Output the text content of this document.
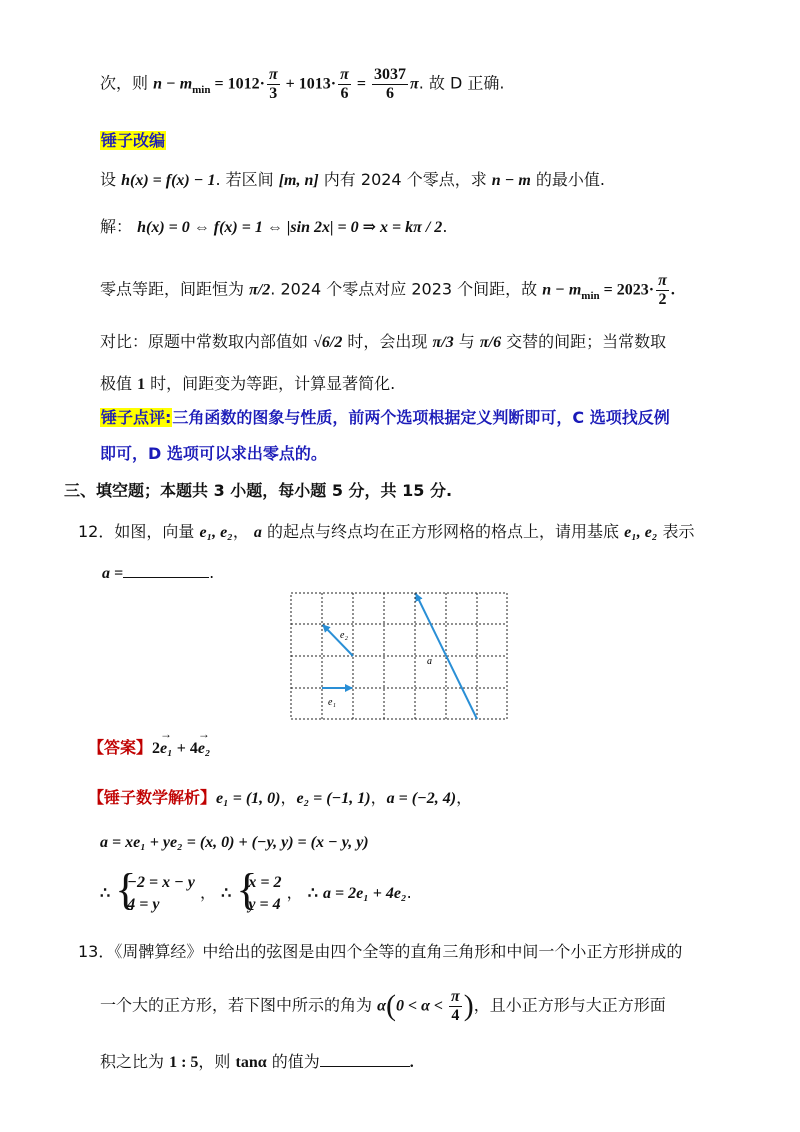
次，则 $n - m_{min} = 1012\cdot \frac{\pi}{3} + 1013\cdot \frac{\pi}{6} = \frac{3037}{6} \pi$. 故 D 正确.
锤子改编
设 h(x) = f(x) − 1. 若区间 [m, n] 内有 2024 个零点，求 n − m 的最小值.
解： h(x) = 0 ⇔ f(x) = 1 ⇔ |sin 2x| = 0 ⇒ x = kπ / 2.
零点等距，间距恒为 π/2. 2024 个零点对应 2023 个间距，故 $n - m_{min} = 2023\cdot \frac{\pi}{2}$ .
对比：原题中常数取内部值如 √6/2 时，会出现 π/3 与 π/6 交替的间距；当常数取
极值 1 时，间距变为等距，计算显著简化.
锤子点评:三角函数的图象与性质，前两个选项根据定义判断即可，C 选项找反例
即可，D 选项可以求出零点的。
三、填空题；本题共 3 小题，每小题 5 分，共 15 分.
12．如图，向量 e₁, e₂， a 的起点与终点均在正方形网格的格点上，请用基底 e₁, e₂ 表示
a =	.
e₁
e₂
a
【答案】2→ e₁ + 4→ e₂
【锤子数学解析】e₁ = (1, 0)，e₂ = (−1, 1)，a = (−2, 4)，
a = xe₁ + ye₂ = (x, 0) + (−y, y) = (x − y, y)
∴ {
−2 = x − y
4 = y
， ∴ {
x = 2
y = 4
， ∴ a = 2e₁ + 4e₂.
13．《周髀算经》中给出的弦图是由四个全等的直角三角形和中间一个小正方形拼成的
一个大的正方形，若下图中所示的角为 $\alpha(0 < \alpha < \frac{\pi}{4}$ )，且小正方形与大正方形面
积之比为 1 : 5，则 tanα 的值为	.
